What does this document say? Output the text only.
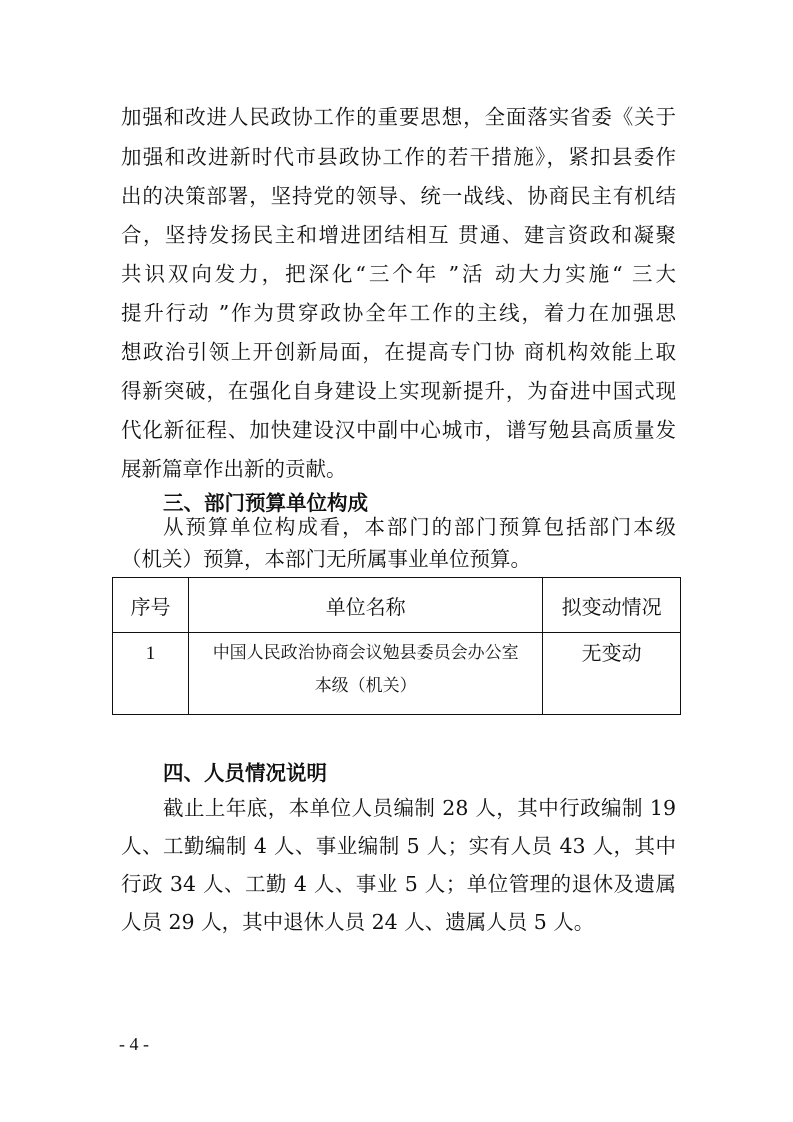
加强和改进人民政协工作的重要思想，全面落实省委《关于
加强和改进新时代市县政协工作的若干措施》，紧扣县委作
出的决策部署，坚持党的领导、统一战线、协商民主有机结
合，坚持发扬民主和增进团结相互 贯通、建言资政和凝聚
共识双向发力，把深化“三个年 ”活 动大力实施“ 三大
提升行动 ”作为贯穿政协全年工作的主线，着力在加强思
想政治引领上开创新局面，在提高专门协 商机构效能上取
得新突破，在强化自身建设上实现新提升，为奋进中国式现
代化新征程、加快建设汉中副中心城市，谱写勉县高质量发
展新篇章作出新的贡献。
三、部门预算单位构成
从预算单位构成看，本部门的部门预算包括部门本级
（机关）预算，本部门无所属事业单位预算。
序号	单位名称	拟变动情况
1	中国人民政治协商会议勉县委员会办公室
本级（机关）	无变动
四、人员情况说明
截止上年底，本单位人员编制 28 人，其中行政编制 19
人、工勤编制 4 人、事业编制 5 人；实有人员 43 人，其中
行政 34 人、工勤 4 人、事业 5 人；单位管理的退休及遗属
人员 29 人，其中退休人员 24 人、遗属人员 5 人。
- 4 -
